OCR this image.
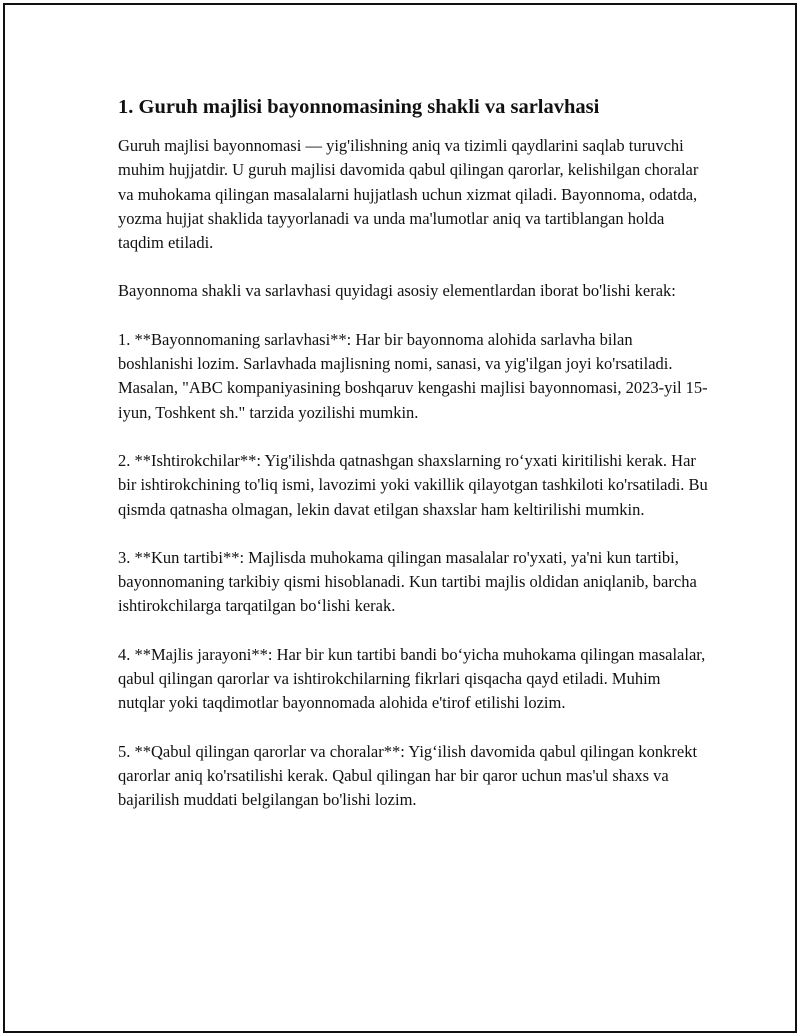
1. Guruh majlisi bayonnomasining shakli va sarlavhasi

Guruh majlisi bayonnomasi — yig'ilishning aniq va tizimli qaydlarini saqlab turuvchi muhim hujjatdir. U guruh majlisi davomida qabul qilingan qarorlar, kelishilgan choralar va muhokama qilingan masalalarni hujjatlash uchun xizmat qiladi. Bayonnoma, odatda, yozma hujjat shaklida tayyorlanadi va unda ma'lumotlar aniq va tartiblangan holda taqdim etiladi.

Bayonnoma shakli va sarlavhasi quyidagi asosiy elementlardan iborat bo'lishi kerak:

1. **Bayonnomaning sarlavhasi**: Har bir bayonnoma alohida sarlavha bilan boshlanishi lozim. Sarlavhada majlisning nomi, sanasi, va yig'ilgan joyi ko'rsatiladi. Masalan, "ABC kompaniyasining boshqaruv kengashi majlisi bayonnomasi, 2023-yil 15-iyun, Toshkent sh." tarzida yozilishi mumkin.

2. **Ishtirokchilar**: Yig'ilishda qatnashgan shaxslarning ro‘yxati kiritilishi kerak. Har bir ishtirokchining to'liq ismi, lavozimi yoki vakillik qilayotgan tashkiloti ko'rsatiladi. Bu qismda qatnasha olmagan, lekin davat etilgan shaxslar ham keltirilishi mumkin.

3. **Kun tartibi**: Majlisda muhokama qilingan masalalar ro'yxati, ya'ni kun tartibi, bayonnomaning tarkibiy qismi hisoblanadi. Kun tartibi majlis oldidan aniqlanib, barcha ishtirokchilarga tarqatilgan bo‘lishi kerak.

4. **Majlis jarayoni**: Har bir kun tartibi bandi bo‘yicha muhokama qilingan masalalar, qabul qilingan qarorlar va ishtirokchilarning fikrlari qisqacha qayd etiladi. Muhim nutqlar yoki taqdimotlar bayonnomada alohida e'tirof etilishi lozim.

5. **Qabul qilingan qarorlar va choralar**: Yig‘ilish davomida qabul qilingan konkrekt qarorlar aniq ko'rsatilishi kerak. Qabul qilingan har bir qaror uchun mas'ul shaxs va bajarilish muddati belgilangan bo'lishi lozim.
